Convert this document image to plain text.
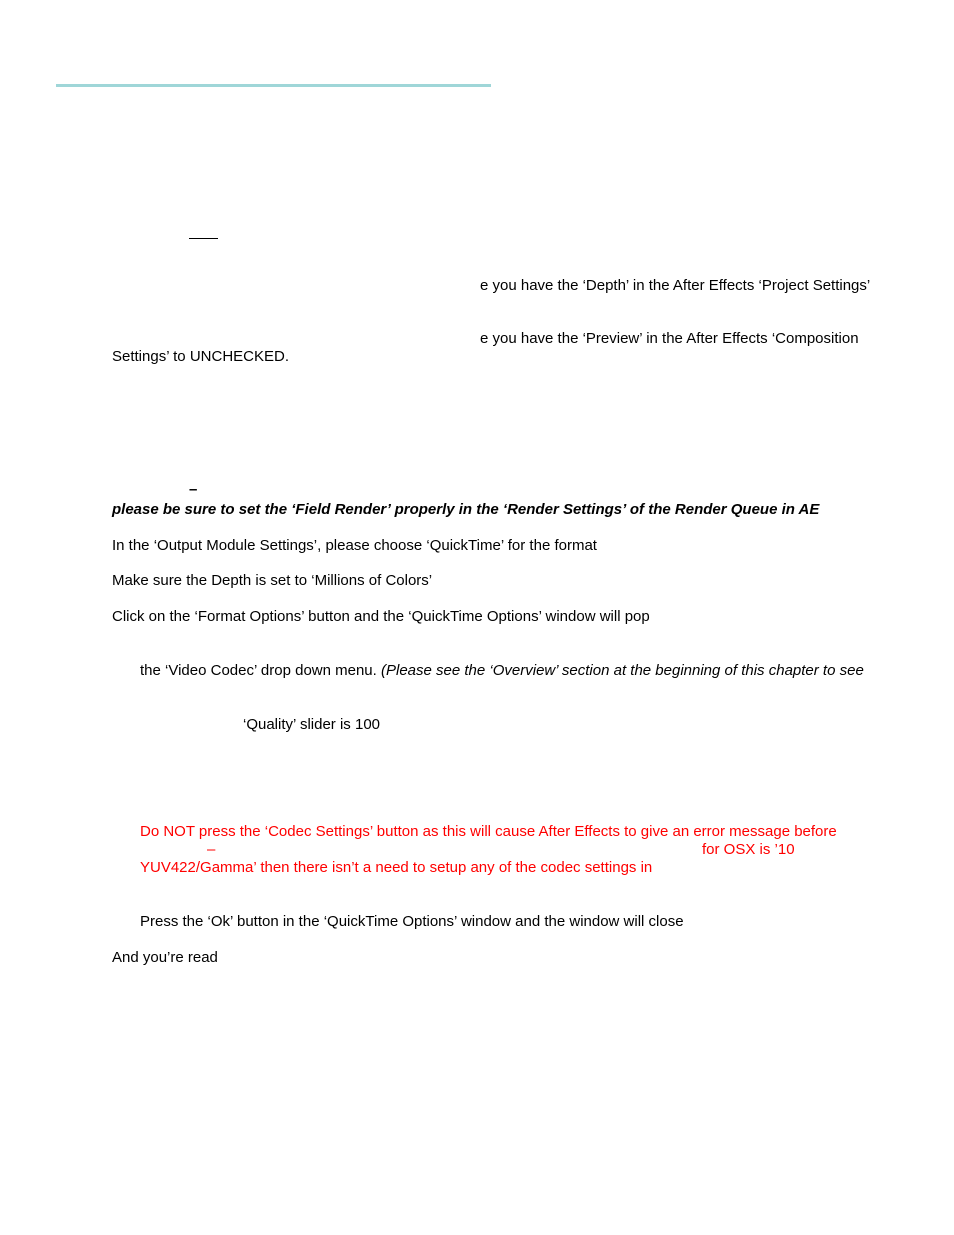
e you have the ‘Depth’ in the After Effects ‘Project Settings’
e you have the ‘Preview’ in the After Effects ‘Composition
Settings’ to UNCHECKED.
–
please be sure to set the ‘Field Render’ properly in the ‘Render Settings’ of the Render Queue in AE
In the ‘Output Module Settings’, please choose ‘QuickTime’ for the format
Make sure the Depth is set to ‘Millions of Colors’
Click on the ‘Format Options’ button and the ‘QuickTime Options’ window will pop
the ‘Video Codec’ drop down menu. (Please see the ‘Overview’ section at the beginning of this chapter to see
‘Quality’ slider is 100
Do NOT press the ‘Codec Settings’ button as this will cause After Effects to give an error message before
–	for OSX is ’10
YUV422/Gamma’ then there isn’t a need to setup any of the codec settings in
Press the ‘Ok’ button in the ‘QuickTime Options’ window and the window will close
And you’re read
